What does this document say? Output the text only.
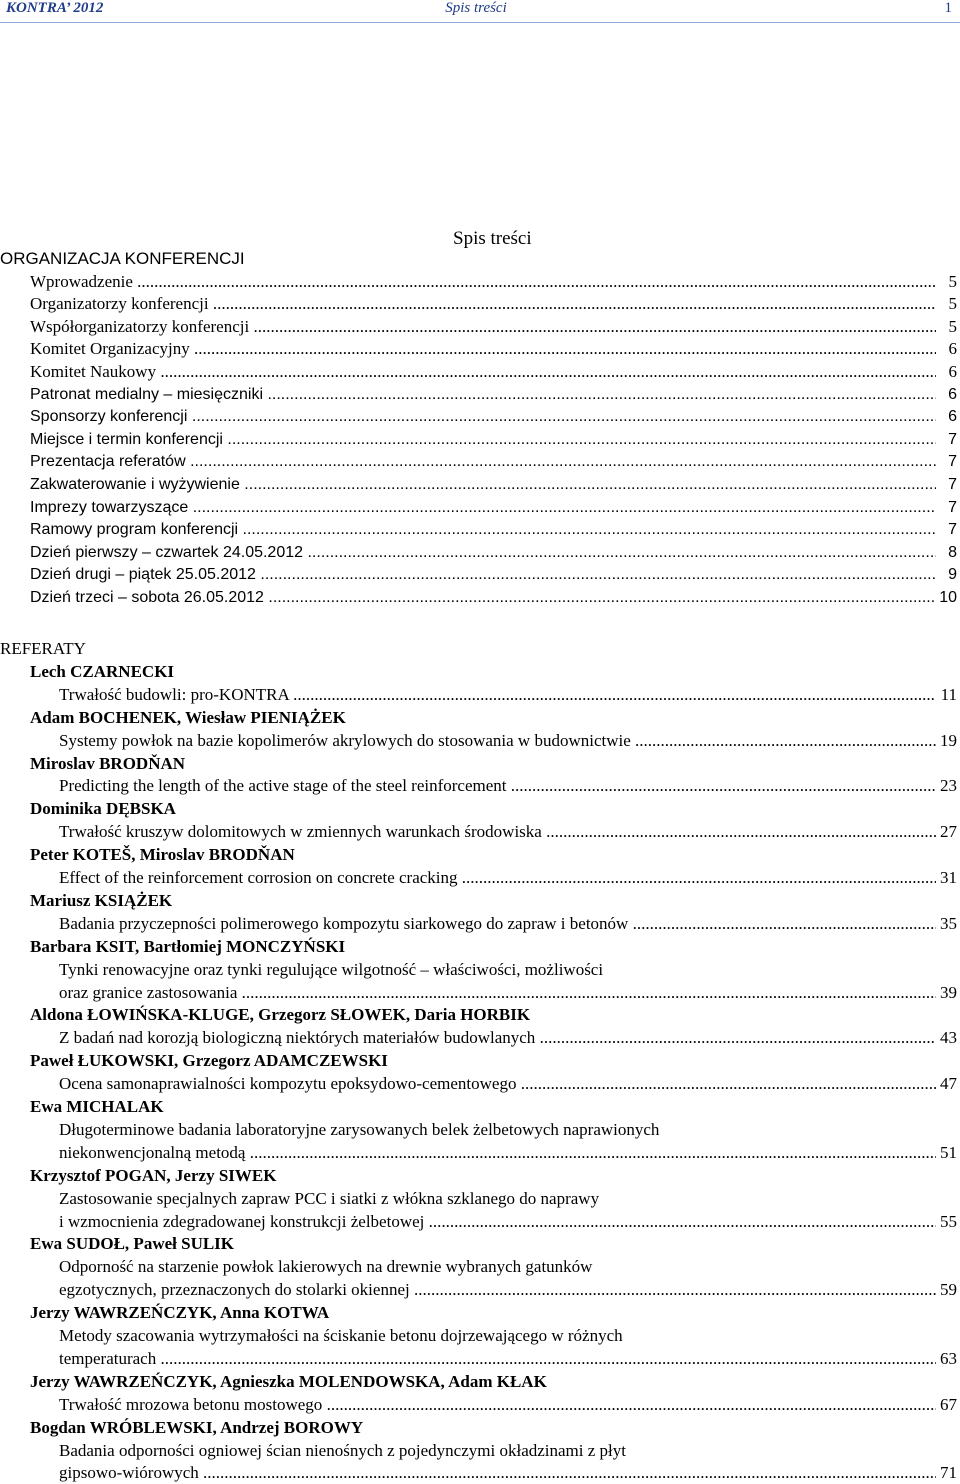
KONTRA’ 2012	Spis treści	1
Spis treści
ORGANIZACJA KONFERENCJI
Wprowadzenie .....	5
Organizatorzy konferencji .....	5
Współorganizatorzy konferencji .....	5
Komitet Organizacyjny .....	6
Komitet Naukowy .....	6
Patronat medialny – miesięczniki .....	6
Sponsorzy konferencji .....	6
Miejsce i termin konferencji .....	7
Prezentacja referatów .....	7
Zakwaterowanie i wyżywienie .....	7
Imprezy towarzyszące .....	7
Ramowy program konferencji .....	7
Dzień pierwszy – czwartek 24.05.2012 .....	8
Dzień drugi – piątek 25.05.2012 .....	9
Dzień trzeci – sobota 26.05.2012 .....	10
REFERATY
Lech CZARNECKI
Trwałość budowli: pro-KONTRA .....	11
Adam BOCHENEK, Wiesław PIENIĄŻEK
Systemy powłok na bazie kopolimerów akrylowych do stosowania w budownictwie .....	19
Miroslav BRODŇAN
Predicting the length of the active stage of the steel reinforcement .....	23
Dominika DĘBSKA
Trwałość kruszyw dolomitowych w zmiennych warunkach środowiska .....	27
Peter KOTEŠ, Miroslav BRODŇAN
Effect of the reinforcement corrosion on concrete cracking .....	31
Mariusz KSIĄŻEK
Badania przyczepności polimerowego kompozytu siarkowego do zapraw i betonów .....	35
Barbara KSIT, Bartłomiej MONCZYŃSKI
Tynki renowacyjne oraz tynki regulujące wilgotność – właściwości, możliwości
oraz granice zastosowania .....	39
Aldona ŁOWIŃSKA-KLUGE, Grzegorz SŁOWEK, Daria HORBIK
Z badań nad korozją biologiczną niektórych materiałów budowlanych .....	43
Paweł ŁUKOWSKI, Grzegorz ADAMCZEWSKI
Ocena samonaprawialności kompozytu epoksydowo-cementowego .....	47
Ewa MICHALAK
Długoterminowe badania laboratoryjne zarysowanych belek żelbetowych naprawionych
niekonwencjonalną metodą .....	51
Krzysztof POGAN, Jerzy SIWEK
Zastosowanie specjalnych zapraw PCC i siatki z włókna szklanego do naprawy
i wzmocnienia zdegradowanej konstrukcji żelbetowej .....	55
Ewa SUDOŁ, Paweł SULIK
Odporność na starzenie powłok lakierowych na drewnie wybranych gatunków
egzotycznych, przeznaczonych do stolarki okiennej .....	59
Jerzy WAWRZEŃCZYK, Anna KOTWA
Metody szacowania wytrzymałości na ściskanie betonu dojrzewającego w różnych
temperaturach .....	63
Jerzy WAWRZEŃCZYK, Agnieszka MOLENDOWSKA, Adam KŁAK
Trwałość mrozowa betonu mostowego .....	67
Bogdan WRÓBLEWSKI, Andrzej BOROWY
Badania odporności ogniowej ścian nienośnych z pojedynczymi okładzinami z płyt
gipsowo-wiórowych .....	71
